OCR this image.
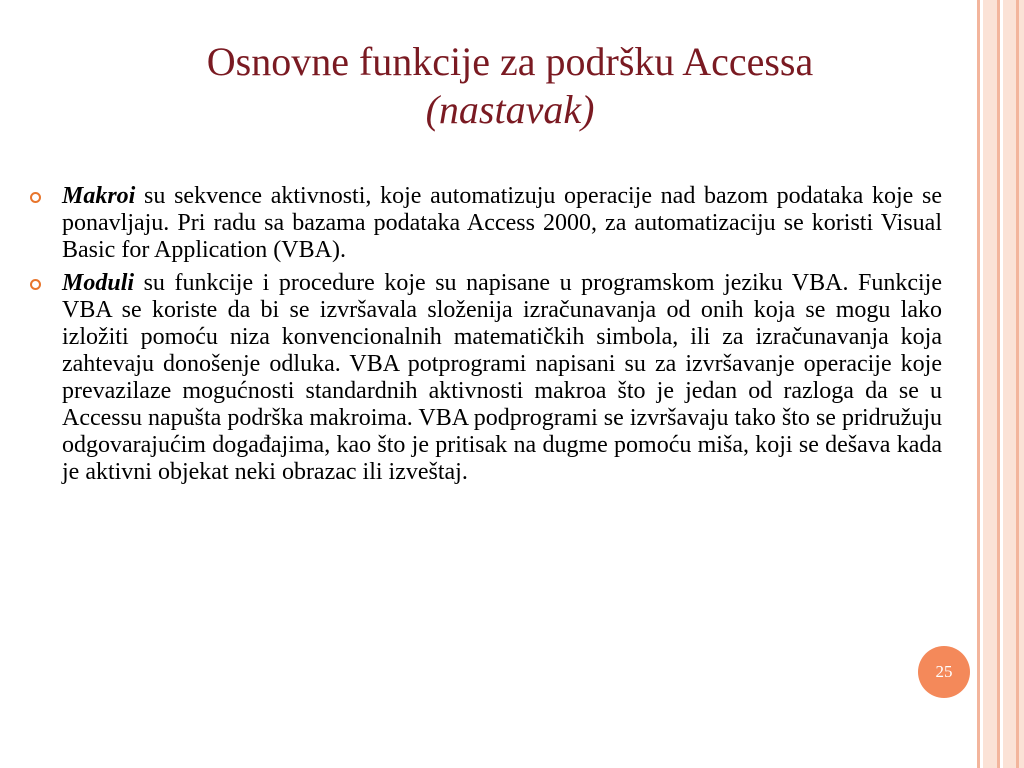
Osnovne funkcije za podršku Accessa
(nastavak)
Makroi su sekvence aktivnosti, koje automatizuju operacije nad bazom podataka koje se ponavljaju. Pri radu sa bazama podataka Access 2000, za automatizaciju se koristi Visual Basic for Application (VBA).
Moduli su funkcije i procedure koje su napisane u programskom jeziku VBA. Funkcije VBA se koriste da bi se izvršavala složenija izračunavanja od onih koja se mogu lako izložiti pomoću niza konvencionalnih matematičkih simbola, ili za izračunavanja koja zahtevaju donošenje odluka. VBA potprogrami napisani su za izvršavanje operacije koje prevazilaze mogućnosti standardnih aktivnosti makroa što je jedan od razloga da se u Accessu napušta podrška makroima. VBA podprogrami se izvršavaju tako što se pridružuju odgovarajućim događajima, kao što je pritisak na dugme pomoću miša, koji se dešava kada je aktivni objekat neki obrazac ili izveštaj.
25
